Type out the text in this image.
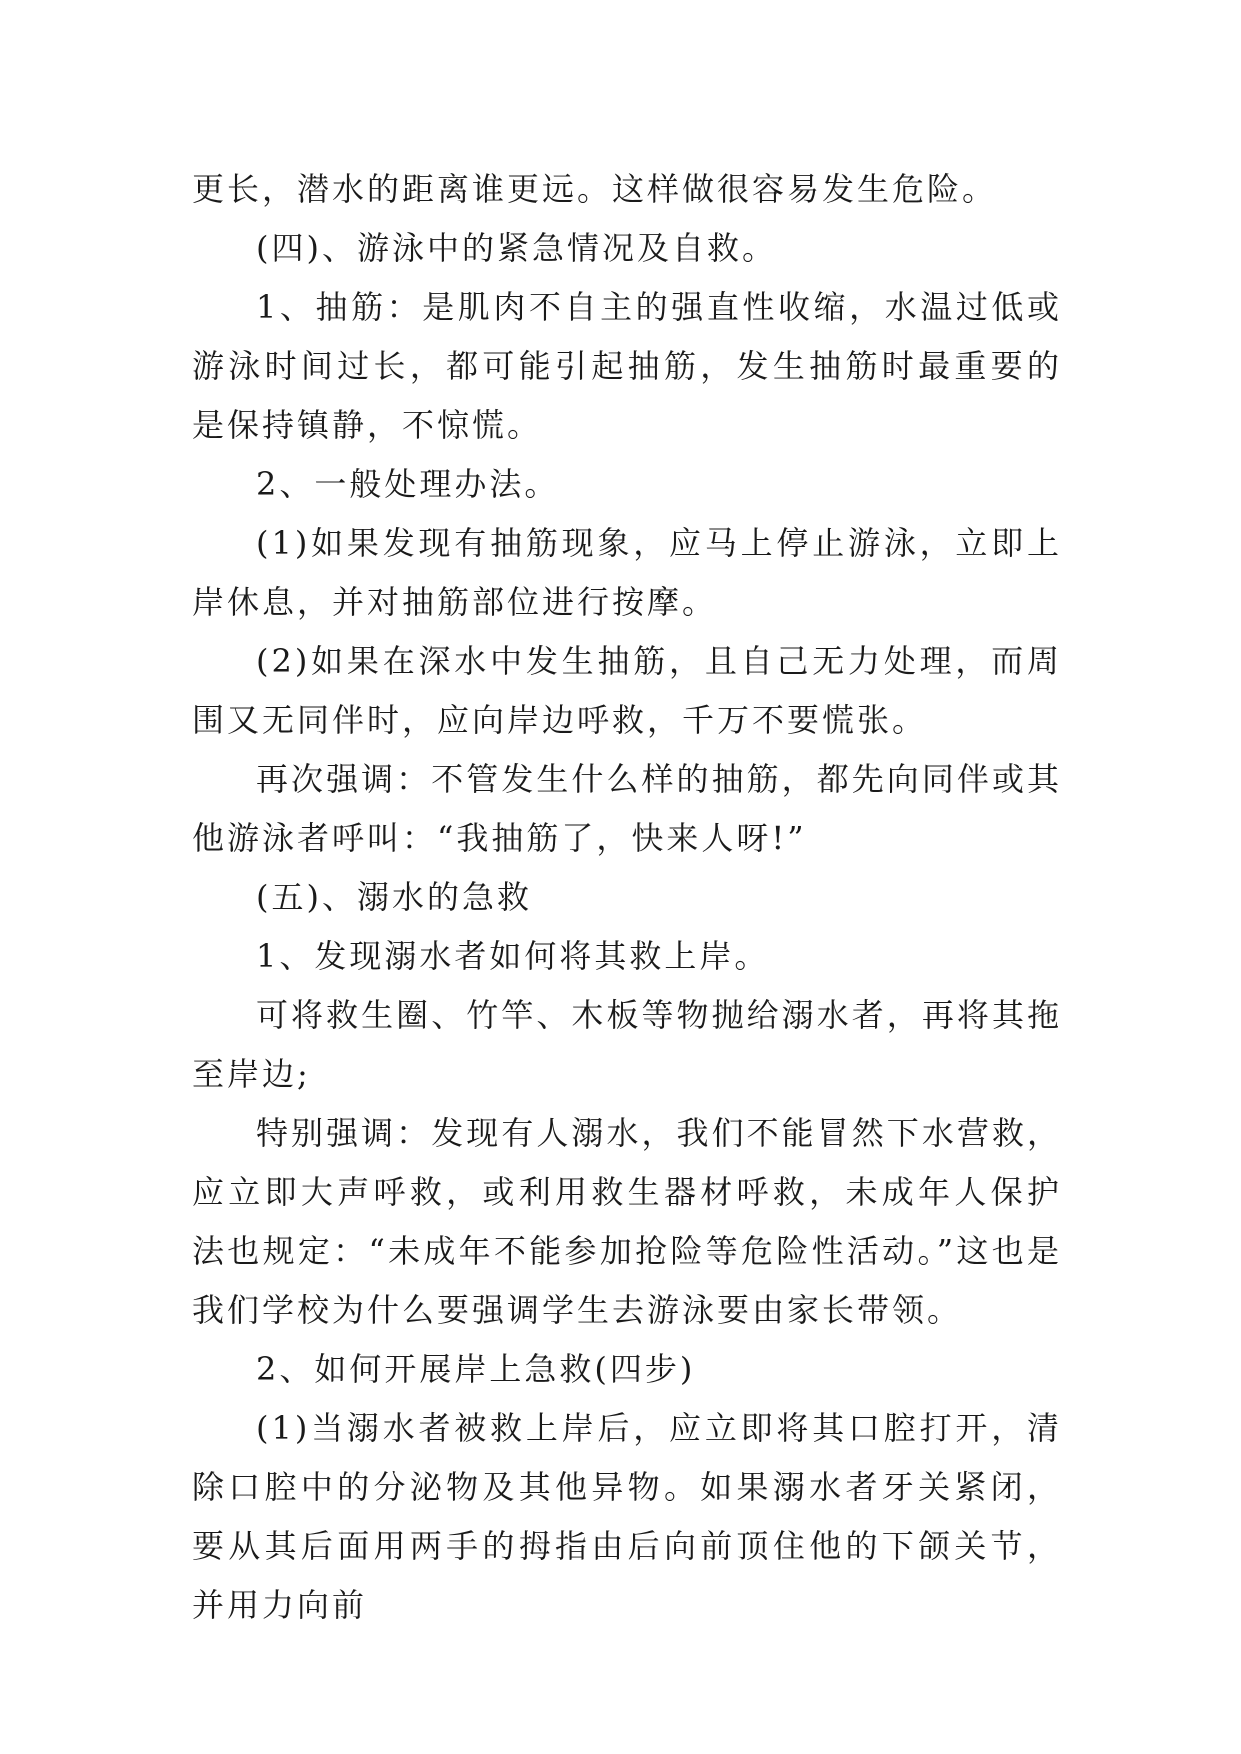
更长，潜水的距离谁更远。这样做很容易发生危险。

(四)、游泳中的紧急情况及自救。

1、抽筋：是肌肉不自主的强直性收缩，水温过低或游泳时间过长，都可能引起抽筋，发生抽筋时最重要的是保持镇静，不惊慌。

2、一般处理办法。

(1)如果发现有抽筋现象，应马上停止游泳，立即上岸休息，并对抽筋部位进行按摩。

(2)如果在深水中发生抽筋，且自己无力处理，而周围又无同伴时，应向岸边呼救，千万不要慌张。

再次强调：不管发生什么样的抽筋，都先向同伴或其他游泳者呼叫：“我抽筋了，快来人呀!”

(五)、溺水的急救

1、发现溺水者如何将其救上岸。

可将救生圈、竹竿、木板等物抛给溺水者，再将其拖至岸边;

特别强调：发现有人溺水，我们不能冒然下水营救，应立即大声呼救，或利用救生器材呼救，未成年人保护法也规定：“未成年不能参加抢险等危险性活动。”这也是我们学校为什么要强调学生去游泳要由家长带领。

2、如何开展岸上急救(四步)

(1)当溺水者被救上岸后，应立即将其口腔打开，清除口腔中的分泌物及其他异物。如果溺水者牙关紧闭，要从其后面用两手的拇指由后向前顶住他的下颌关节，并用力向前
